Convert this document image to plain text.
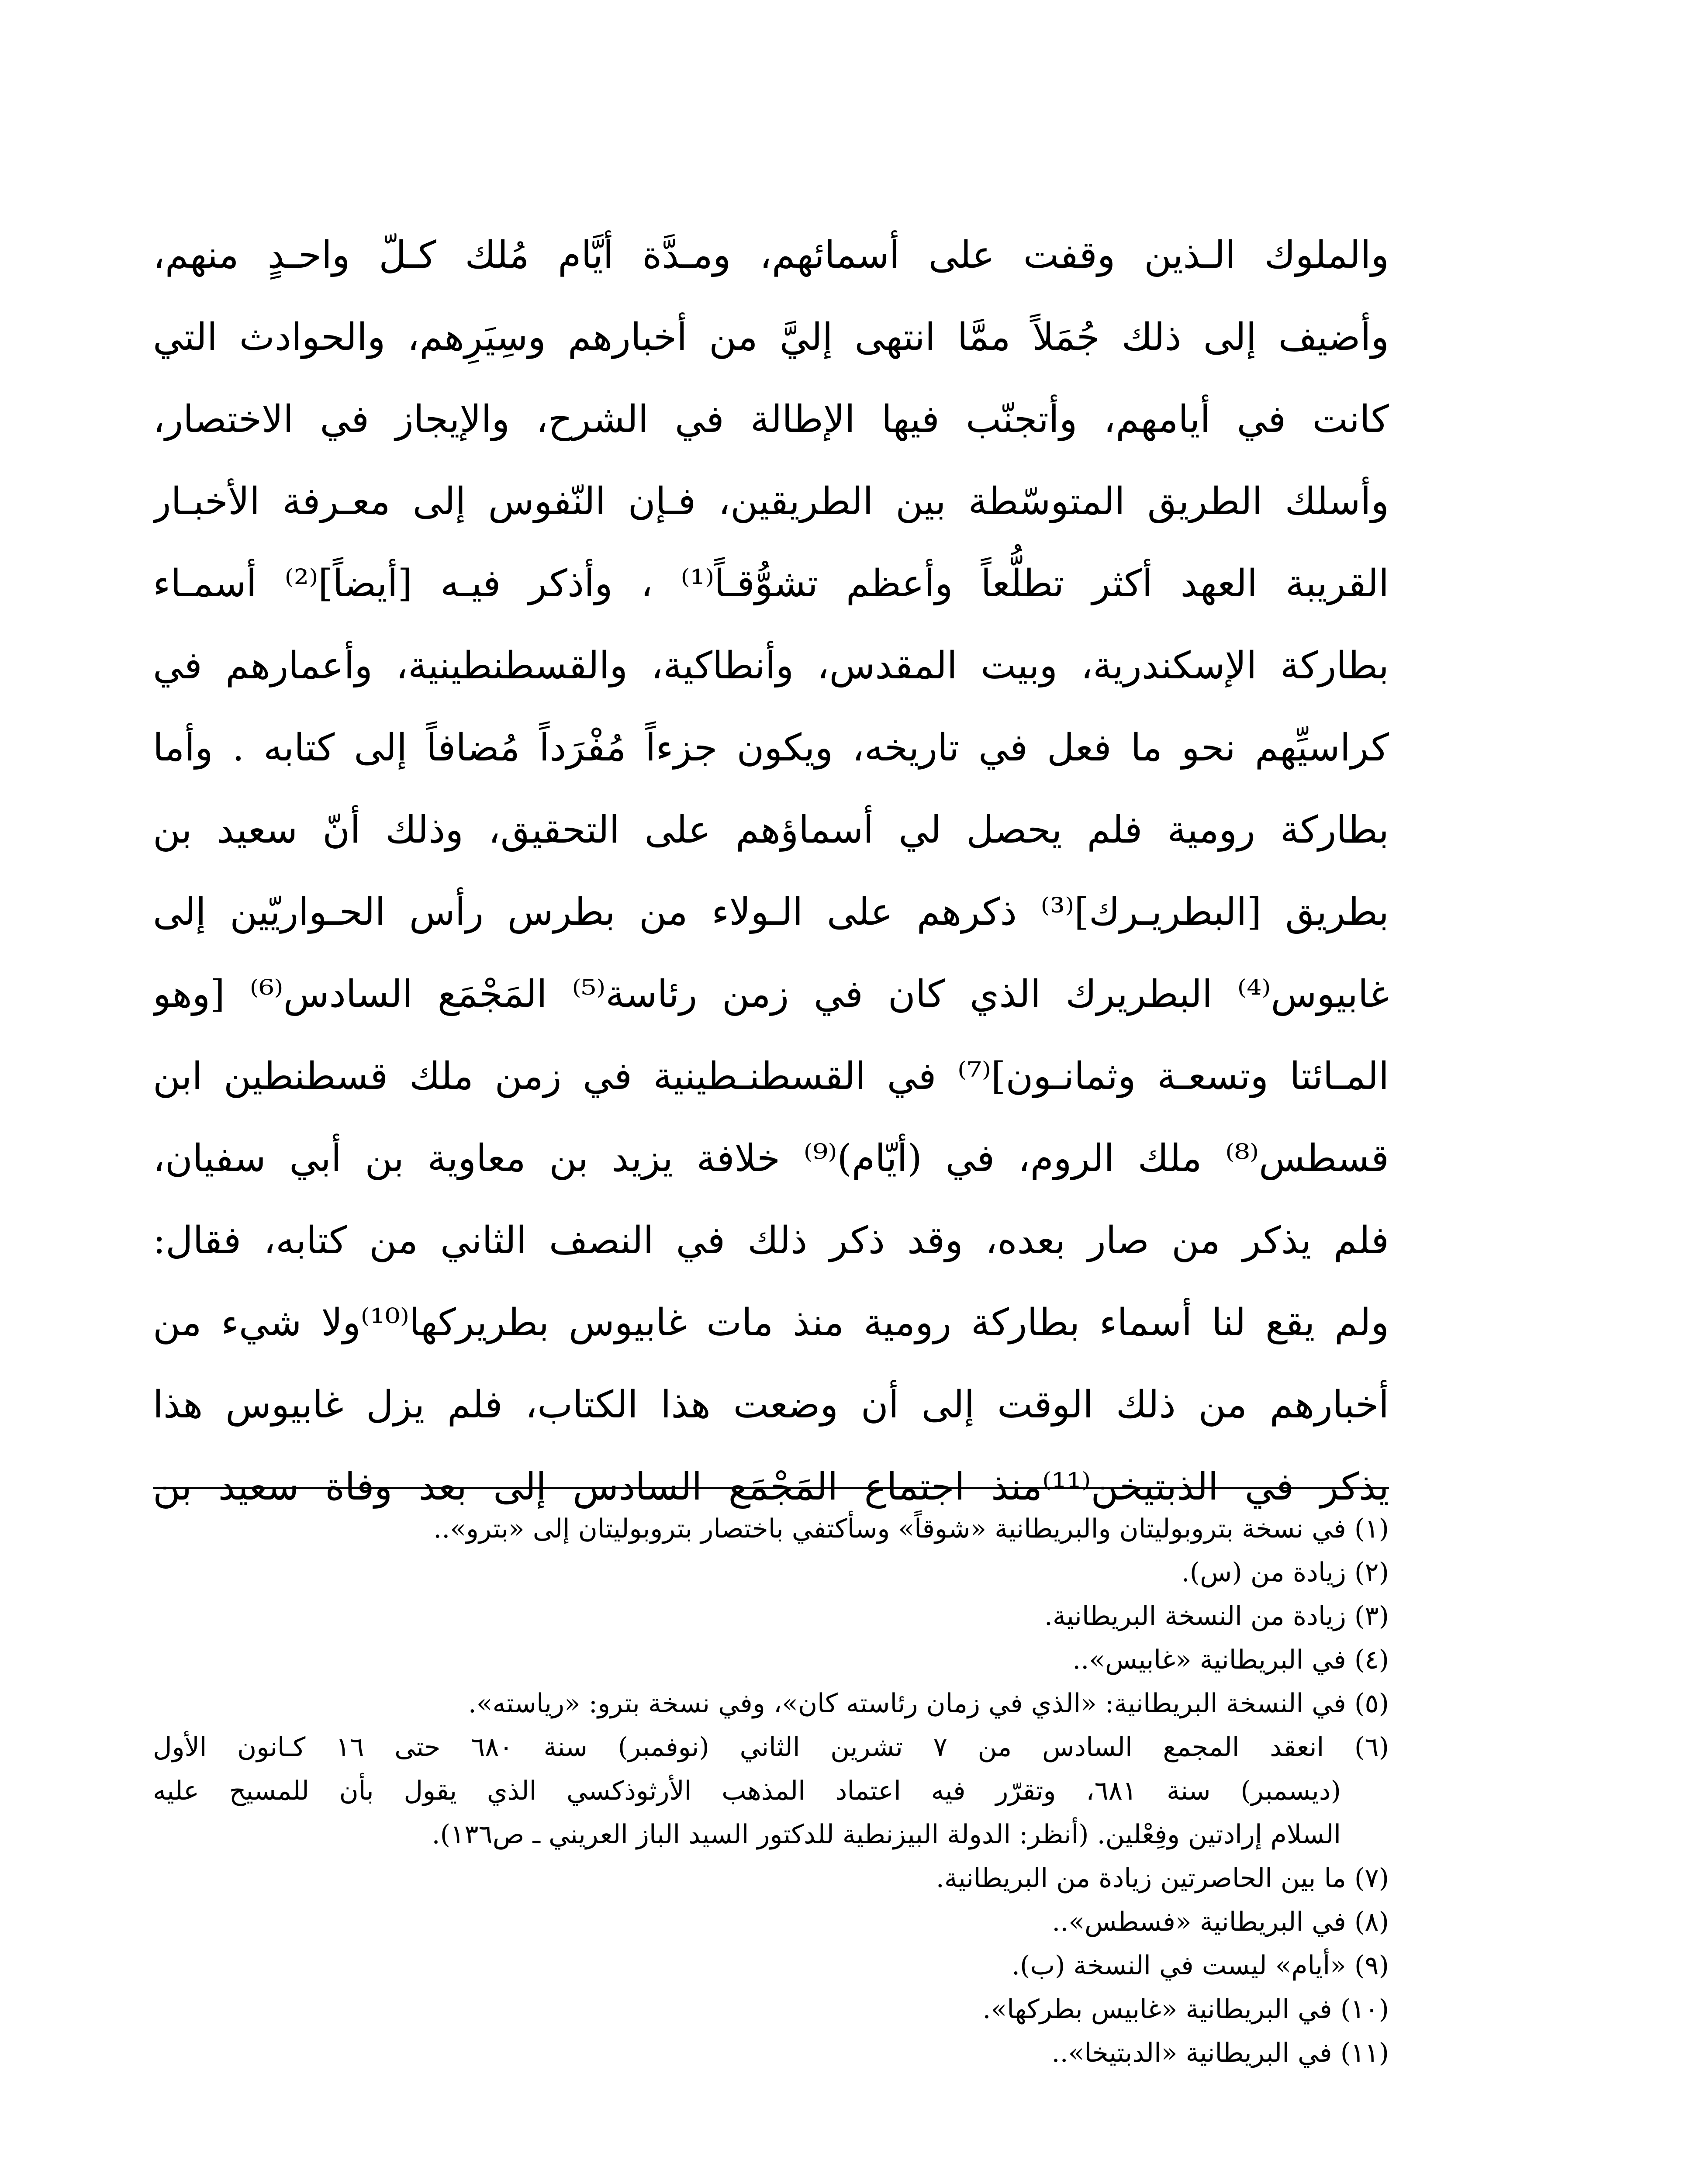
والملوك الـذين وقفت على أسمائهم، ومـدَّة أيَّام مُلك كـلّ واحـدٍ منهم،
وأضيف إلى ذلك جُمَلاً ممَّا انتهى إليَّ من أخبارهم وسِيَرِهم، والحوادث التي
كانت في أيامهم، وأتجنّب فيها الإطالة في الشرح، والإيجاز في الاختصار،
وأسلك الطريق المتوسّطة بين الطريقين، فـإن النّفوس إلى معـرفة الأخبـار
القريبة العهد أكثر تطلُّعاً وأعظم تشوُّقـاً⁽¹⁾ ، وأذكر فيـه [أيضاً]⁽²⁾ أسمـاء
بطاركة الإسكندرية، وبيت المقدس، وأنطاكية، والقسطنطينية، وأعمارهم في
كراسيِّهم نحو ما فعل في تاريخه، ويكون جزءاً مُفْرَداً مُضافاً إلى كتابه . وأما
بطاركة رومية فلم يحصل لي أسماؤهم على التحقيق، وذلك أنّ سعيد بن
بطريق [البطريـرك]⁽³⁾ ذكرهم على الـولاء من بطرس رأس الحـواريّين إلى
غابيوس⁽⁴⁾ البطريرك الذي كان في زمن رئاسة⁽⁵⁾ المَجْمَع السادس⁽⁶⁾ [وهو
المـائتا وتسعـة وثمانـون]⁽⁷⁾ في القسطنـطينية في زمن ملك قسطنطين ابن
قسطس⁽⁸⁾ ملك الروم، في (أيّام)⁽⁹⁾ خلافة يزيد بن معاوية بن أبي سفيان،
فلم يذكر من صار بعده، وقد ذكر ذلك في النصف الثاني من كتابه، فقال:
ولم يقع لنا أسماء بطاركة رومية منذ مات غابيوس بطريركها⁽¹⁰⁾ولا شيء من
أخبارهم من ذلك الوقت إلى أن وضعت هذا الكتاب، فلم يزل غابيوس هذا
يذكر في الذبتيخن⁽¹¹⁾منذ اجتماع المَجْمَع السادس إلى بعد وفاة سعيد بن
(١) في نسخة بتروبوليتان والبريطانية «شوقاً» وسأكتفي باختصار بتروبوليتان إلى «بترو»..
(٢) زيادة من (س).
(٣) زيادة من النسخة البريطانية.
(٤) في البريطانية «غابيس»..
(٥) في النسخة البريطانية: «الذي في زمان رئاسته كان»، وفي نسخة بترو: «رياسته».
(٦) انعقد المجمع السادس من ٧ تشرين الثاني (نوفمبر) سنة ٦٨٠ حتى ١٦ كـانون الأول
(ديسمبر) سنة ٦٨١، وتقرّر فيه اعتماد المذهب الأرثوذكسي الذي يقول بأن للمسيح عليه
السلام إرادتين وفِعْلين. (أنظر: الدولة البيزنطية للدكتور السيد الباز العريني ـ ص١٣٦).
(٧) ما بين الحاصرتين زيادة من البريطانية.
(٨) في البريطانية «فسطس»..
(٩) «أيام» ليست في النسخة (ب).
(١٠) في البريطانية «غابيس بطركها».
(١١) في البريطانية «الدبتيخا»..
